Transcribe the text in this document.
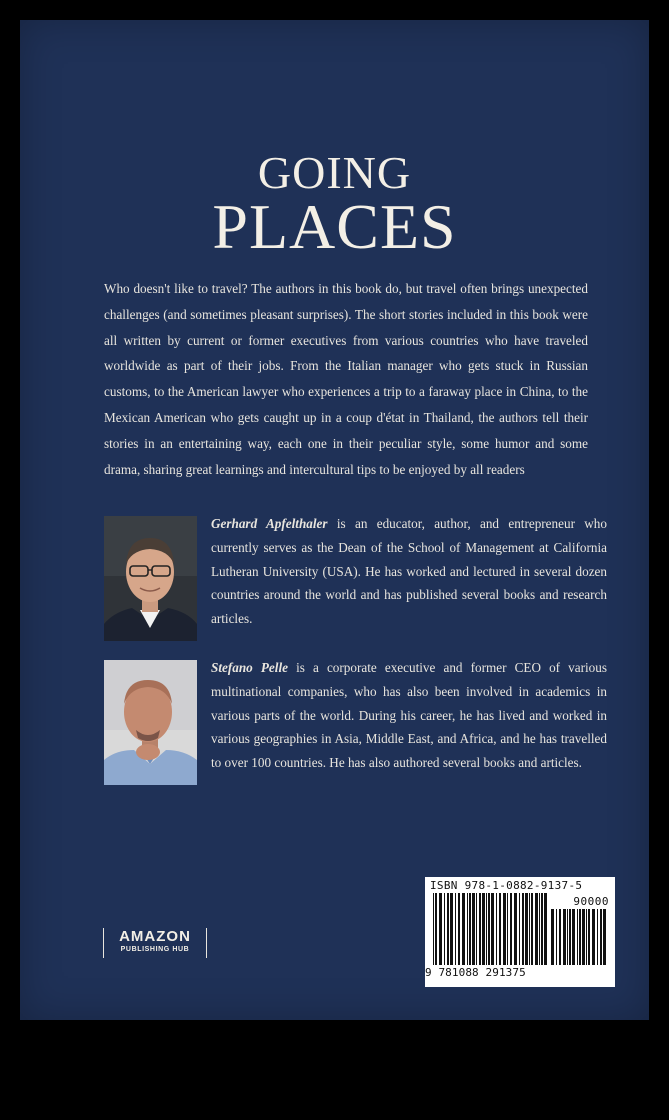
GOING
PLACES
Who doesn't like to travel? The authors in this book do, but travel often brings unexpected challenges (and sometimes pleasant surprises). The short stories included in this book were all written by current or former executives from various countries who have traveled worldwide as part of their jobs. From the Italian manager who gets stuck in Russian customs, to the American lawyer who experiences a trip to a faraway place in China, to the Mexican American who gets caught up in a coup d'état in Thailand, the authors tell their stories in an entertaining way, each one in their peculiar style, some humor and some drama, sharing great learnings and intercultural tips to be enjoyed by all readers
Gerhard Apfelthaler is an educator, author, and entrepreneur who currently serves as the Dean of the School of Management at California Lutheran University (USA). He has worked and lectured in several dozen countries around the world and has published several books and research articles.
Stefano Pelle is a corporate executive and former CEO of various multinational companies, who has also been involved in academics in various parts of the world. During his career, he has lived and worked in various geographies in Asia, Middle East, and Africa, and he has travelled to over 100 countries. He has also authored several books and articles.
AMAZON
PUBLISHING HUB
ISBN 978-1-0882-9137-5
90000
9 781088 291375
